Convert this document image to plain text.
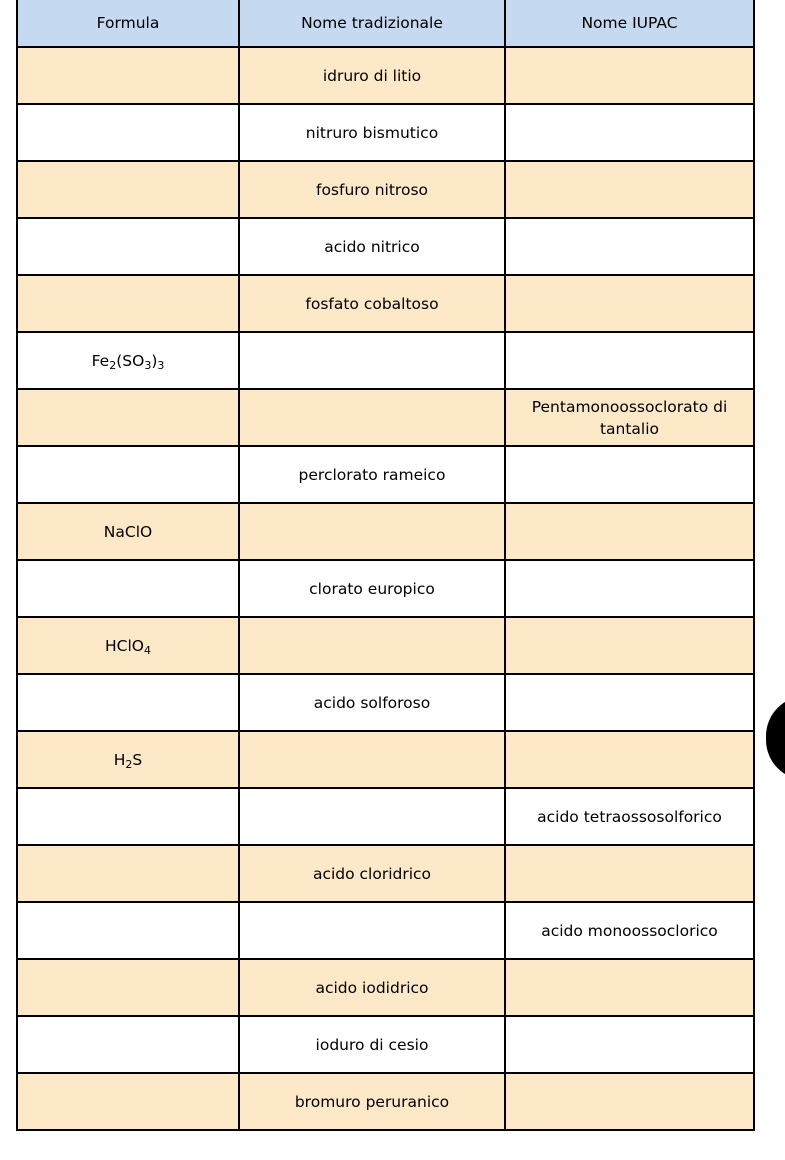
Formula	Nome tradizionale	Nome IUPAC
	idruro di litio	
	nitruro bismutico	
	fosfuro nitroso	
	acido nitrico	
	fosfato cobaltoso	
$Fe_2(SO_3)_3$		
		Pentamonoossoclorato di tantalio
	perclorato rameico	
NaClO		
	clorato europico	
HClO$_4$		
	acido solforoso	
$H_2S$		
		acido tetraossosolforico
	acido cloridrico	
		acido monoossoclorico
	acido iodidrico	
	ioduro di cesio	
	bromuro peruranico	
